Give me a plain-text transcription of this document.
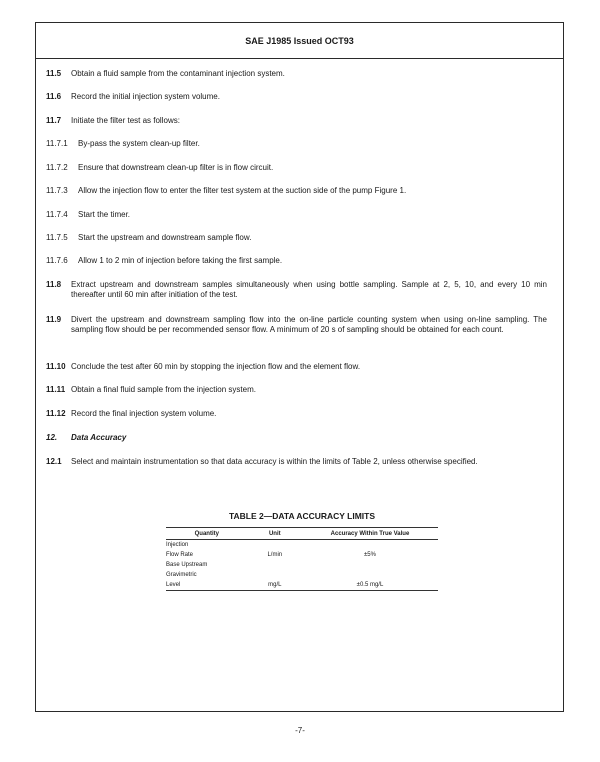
SAE J1985 Issued OCT93
11.5 Obtain a fluid sample from the contaminant injection system.
11.6 Record the initial injection system volume.
11.7 Initiate the filter test as follows:
11.7.1 By-pass the system clean-up filter.
11.7.2 Ensure that downstream clean-up filter is in flow circuit.
11.7.3 Allow the injection flow to enter the filter test system at the suction side of the pump Figure 1.
11.7.4 Start the timer.
11.7.5 Start the upstream and downstream sample flow.
11.7.6 Allow 1 to 2 min of injection before taking the first sample.
11.8 Extract upstream and downstream samples simultaneously when using bottle sampling. Sample at 2, 5, 10, and every 10 min thereafter until 60 min after initiation of the test.
11.9 Divert the upstream and downstream sampling flow into the on-line particle counting system when using on-line sampling. The sampling flow should be per recommended sensor flow. A minimum of 20 s of sampling should be obtained for each count.
11.10 Conclude the test after 60 min by stopping the injection flow and the element flow.
11.11 Obtain a final fluid sample from the injection system.
11.12 Record the final injection system volume.
12. Data Accuracy
12.1 Select and maintain instrumentation so that data accuracy is within the limits of Table 2, unless otherwise specified.
TABLE 2—DATA ACCURACY LIMITS
Quantity	Unit	Accuracy Within True Value
Injection		
Flow Rate	L/min	±5%
Base Upstream		
Gravimetric		
Level	mg/L	±0.5 mg/L
-7-
